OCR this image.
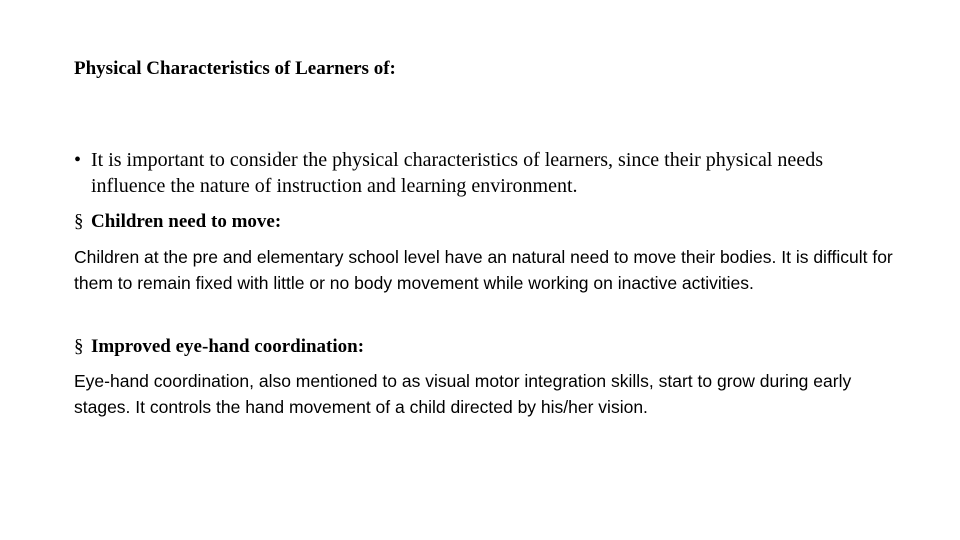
Physical Characteristics of Learners of:
• It is important to consider the physical characteristics of learners, since their physical needs influence the nature of instruction and learning environment.
§ Children need to move:
Children at the pre and elementary school level have an natural need to move their bodies. It is difficult for them to remain fixed with little or no body movement while working on inactive activities.
§ Improved eye-hand coordination:
Eye-hand coordination, also mentioned to as visual motor integration skills, start to grow during early stages. It controls the hand movement of a child directed by his/her vision.
